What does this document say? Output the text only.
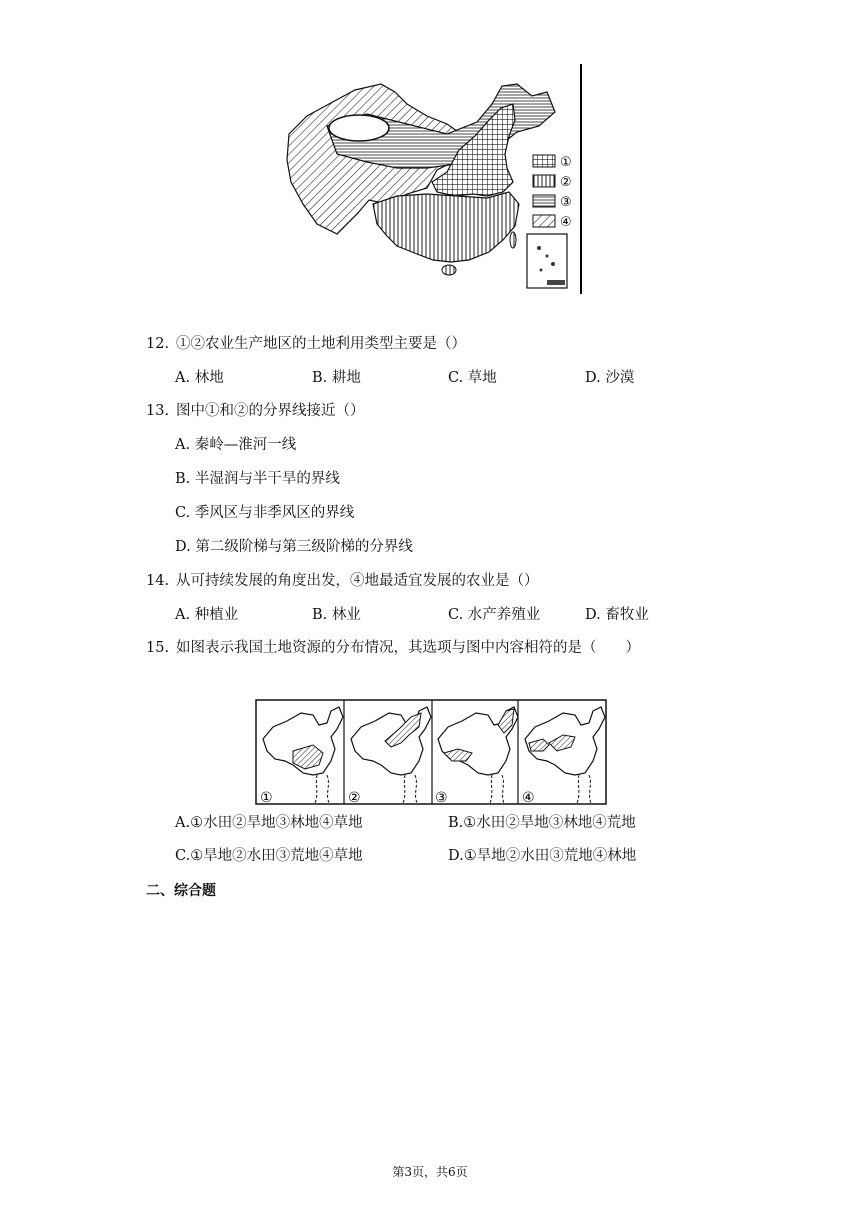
①
②
③
④
12. ①②农业生产地区的土地利用类型主要是（）
A. 林地	B. 耕地	C. 草地	D. 沙漠
13. 图中①和②的分界线接近（）
A. 秦岭—淮河一线
B. 半湿润与半干旱的界线
C. 季风区与非季风区的界线
D. 第二级阶梯与第三级阶梯的分界线
14. 从可持续发展的角度出发，④地最适宜发展的农业是（）
A. 种植业	B. 林业	C. 水产养殖业	D. 畜牧业
15. 如图表示我国土地资源的分布情况，其选项与图中内容相符的是（　　）
①	②	③	④
A.①水田②旱地③林地④草地	B.①水田②旱地③林地④荒地
C.①旱地②水田③荒地④草地	D.①旱地②水田③荒地④林地
二、综合题
第3页，共6页
